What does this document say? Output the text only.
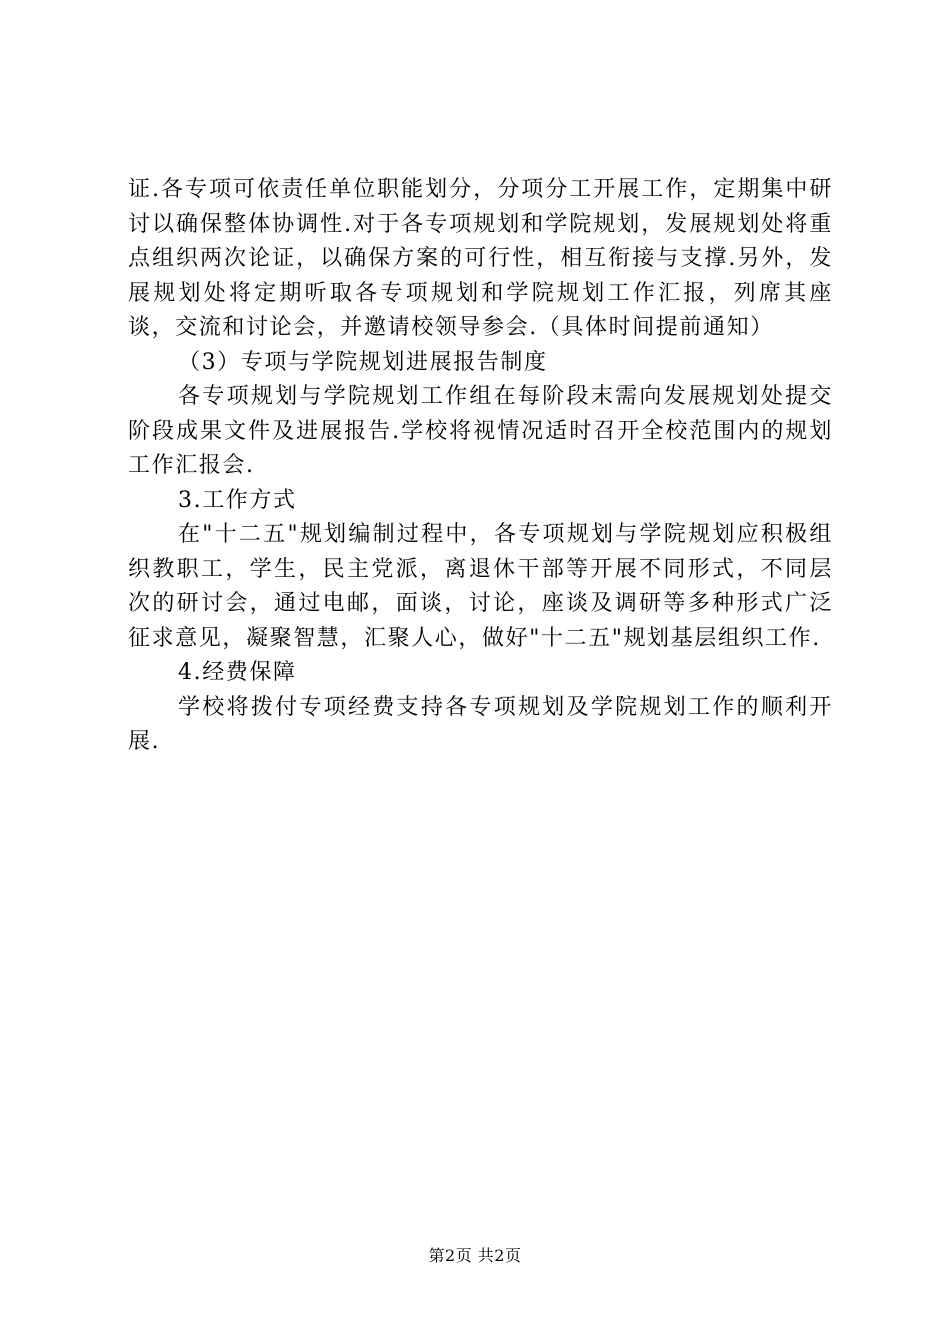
证.各专项可依责任单位职能划分，分项分工开展工作，定期集中研讨以确保整体协调性.对于各专项规划和学院规划，发展规划处将重点组织两次论证，以确保方案的可行性，相互衔接与支撑.另外，发展规划处将定期听取各专项规划和学院规划工作汇报，列席其座谈，交流和讨论会，并邀请校领导参会.（具体时间提前通知）

（3）专项与学院规划进展报告制度

各专项规划与学院规划工作组在每阶段末需向发展规划处提交阶段成果文件及进展报告.学校将视情况适时召开全校范围内的规划工作汇报会.

3.工作方式

在"十二五"规划编制过程中，各专项规划与学院规划应积极组织教职工，学生，民主党派，离退休干部等开展不同形式，不同层次的研讨会，通过电邮，面谈，讨论，座谈及调研等多种形式广泛征求意见，凝聚智慧，汇聚人心，做好"十二五"规划基层组织工作.

4.经费保障

学校将拨付专项经费支持各专项规划及学院规划工作的顺利开展.

第2页 共2页
